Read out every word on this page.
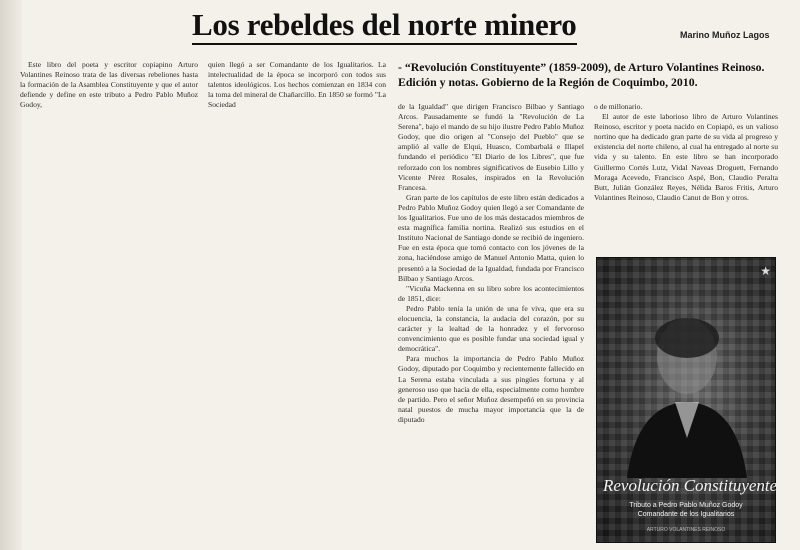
Los rebeldes del norte minero	Marino Muñoz Lagos
- “Revolución Constituyente” (1859-2009), de Arturo Volantines Reinoso. Edición y notas. Gobierno de la Región de Coquimbo, 2010.

Este libro del poeta y escritor copiapino Arturo Volantines Reinoso trata de las diversas rebeliones hasta la formación de la Asamblea Constituyente y que el autor defiende y define en este tributo a Pedro Pablo Muñoz Godoy,

quien llegó a ser Comandante de los Igualitarios. La intelectualidad de la época se incorporó con todos sus talentos ideológicos. Los hechos comienzan en 1834 con la toma del mineral de Chañarcillo. En 1850 se formó "La Sociedad	de la Igualdad" que dirigen Francisco Bilbao y Santiago Arcos. Pausadamente se fundó la "Revolución de La Serena", bajo el mando de su hijo ilustre Pedro Pablo Muñoz Godoy, que dio origen al "Consejo del Pueblo" que se amplió al valle de Elqui, Huasco, Combarbalá e Illapel fundando el periódico "El Diario de los Libres", que fue reforzado con los nombres significativos de Eusebio Lillo y Vicente Pérez Rosales, inspirados en la Revolución Francesa.

Gran parte de los capítulos de este libro están dedicados a Pedro Pablo Muñoz Godoy quien llegó a ser Comandante de los Igualitarios. Fue uno de los más destacados miembros de esta magnífica familia nortina. Realizó sus estudios en el Instituto Nacional de Santiago donde se recibió de ingeniero. Fue en esta época que tomó contacto con los jóvenes de la zona, haciéndose amigo de Manuel Antonio Matta, quien lo presentó a la Sociedad de la Igualdad, fundada por Francisco Bilbao y Santiago Arcos.

"Vicuña Mackenna en su libro sobre los acontecimientos de 1851, dice:

Pedro Pablo tenía la unión de una fe viva, que era su elocuencia, la constancia, la audacia del corazón, por su carácter y la lealtad de la honradez y el fervoroso convencimiento que es posible fundar una sociedad igual y democrática".

Para muchos la importancia de Pedro Pablo Muñoz Godoy, diputado por Coquimbo y recientemente fallecido en La Serena estaba vinculada a sus pingües fortuna y al generoso uso que hacía de ella, especialmente como hombre de partido. Pero el señor Muñoz desempeñó en su provincia natal puestos de mucha mayor importancia que la de diputado

o de millonario.

El autor de este laborioso libro de Arturo Volantines Reinoso, escritor y poeta nacido en Copiapó, es un valioso nortino que ha dedicado gran parte de su vida al progreso y existencia del norte chileno, al cual ha entregado al norte su vida y su talento. En este libro se han incorporado Guillermo Cortés Lutz, Vidal Naveas Droguett, Fernando Moraga Acevedo, Francisco Aspé, Bon, Claudio Peralta Butt, Julián González Reyes, Nélida Baros Fritis, Arturo Volantines Reinoso, Claudio Canut de Bon y otros.

★
Revolución Constituyente
Tributo a Pedro Pablo Muñoz Godoy
Comandante de los Igualitarios
ARTURO VOLANTINES REINOSO
